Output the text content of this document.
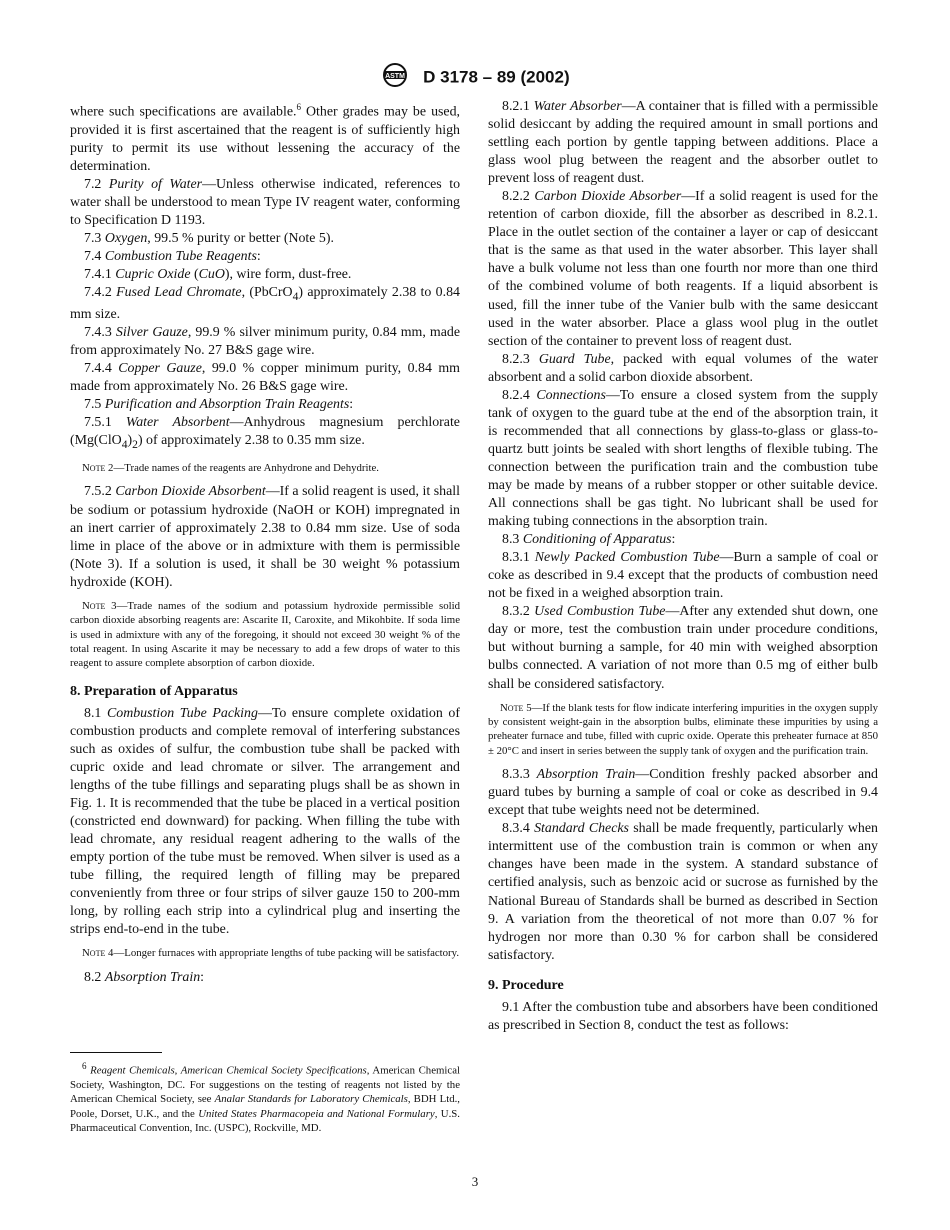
ASTM D 3178 – 89 (2002)

where such specifications are available.$^6$ Other grades may be used, provided it is first ascertained that the reagent is of sufficiently high purity to permit its use without lessening the accuracy of the determination.

7.2 Purity of Water—Unless otherwise indicated, references to water shall be understood to mean Type IV reagent water, conforming to Specification D 1193.

7.3 Oxygen, 99.5 % purity or better (Note 5).

7.4 Combustion Tube Reagents:

7.4.1 Cupric Oxide (CuO), wire form, dust-free.

7.4.2 Fused Lead Chromate, (PbCrO$_4$) approximately 2.38 to 0.84 mm size.

7.4.3 Silver Gauze, 99.9 % silver minimum purity, 0.84 mm, made from approximately No. 27 B&S gage wire.

7.4.4 Copper Gauze, 99.0 % copper minimum purity, 0.84 mm made from approximately No. 26 B&S gage wire.

7.5 Purification and Absorption Train Reagents:

7.5.1 Water Absorbent—Anhydrous magnesium perchlorate $(Mg(ClO_4)_2)$ of approximately 2.38 to 0.35 mm size.

Note 2—Trade names of the reagents are Anhydrone and Dehydrite.

7.5.2 Carbon Dioxide Absorbent—If a solid reagent is used, it shall be sodium or potassium hydroxide (NaOH or KOH) impregnated in an inert carrier of approximately 2.38 to 0.84 mm size. Use of soda lime in place of the above or in admixture with them is permissible (Note 3). If a solution is used, it shall be 30 weight % potassium hydroxide (KOH).

Note 3—Trade names of the sodium and potassium hydroxide permissible solid carbon dioxide absorbing reagents are: Ascarite II, Caroxite, and Mikohbite. If soda lime is used in admixture with any of the foregoing, it should not exceed 30 weight % of the total reagent. In using Ascarite it may be necessary to add a few drops of water to this reagent to assure complete absorption of carbon dioxide.

8. Preparation of Apparatus

8.1 Combustion Tube Packing—To ensure complete oxidation of combustion products and complete removal of interfering substances such as oxides of sulfur, the combustion tube shall be packed with cupric oxide and lead chromate or silver. The arrangement and lengths of the tube fillings and separating plugs shall be as shown in Fig. 1. It is recommended that the tube be placed in a vertical position (constricted end downward) for packing. When filling the tube with lead chromate, any residual reagent adhering to the walls of the empty portion of the tube must be removed. When silver is used as a tube filling, the required length of filling may be prepared conveniently from three or four strips of silver gauze 150 to 200-mm long, by rolling each strip into a cylindrical plug and inserting the strips end-to-end in the tube.

Note 4—Longer furnaces with appropriate lengths of tube packing will be satisfactory.

8.2 Absorption Train:

$^6$ Reagent Chemicals, American Chemical Society Specifications, American Chemical Society, Washington, DC. For suggestions on the testing of reagents not listed by the American Chemical Society, see Analar Standards for Laboratory Chemicals, BDH Ltd., Poole, Dorset, U.K., and the United States Pharmacopeia and National Formulary, U.S. Pharmaceutical Convention, Inc. (USPC), Rockville, MD.

8.2.1 Water Absorber—A container that is filled with a permissible solid desiccant by adding the required amount in small portions and settling each portion by gentle tapping between additions. Place a glass wool plug between the reagent and the absorber outlet to prevent loss of reagent dust.

8.2.2 Carbon Dioxide Absorber—If a solid reagent is used for the retention of carbon dioxide, fill the absorber as described in 8.2.1. Place in the outlet section of the container a layer or cap of desiccant that is the same as that used in the water absorber. This layer shall have a bulk volume not less than one fourth nor more than one third of the combined volume of both reagents. If a liquid absorbent is used, fill the inner tube of the Vanier bulb with the same desiccant used in the water absorber. Place a glass wool plug in the outlet section of the container to prevent loss of reagent dust.

8.2.3 Guard Tube, packed with equal volumes of the water absorbent and a solid carbon dioxide absorbent.

8.2.4 Connections—To ensure a closed system from the supply tank of oxygen to the guard tube at the end of the absorption train, it is recommended that all connections by glass-to-glass or glass-to-quartz butt joints be sealed with short lengths of flexible tubing. The connection between the purification train and the combustion tube may be made by means of a rubber stopper or other suitable device. All connections shall be gas tight. No lubricant shall be used for making tubing connections in the absorption train.

8.3 Conditioning of Apparatus:

8.3.1 Newly Packed Combustion Tube—Burn a sample of coal or coke as described in 9.4 except that the products of combustion need not be fixed in a weighed absorption train.

8.3.2 Used Combustion Tube—After any extended shut down, one day or more, test the combustion train under procedure conditions, but without burning a sample, for 40 min with weighed absorption bulbs connected. A variation of not more than 0.5 mg of either bulb shall be considered satisfactory.

Note 5—If the blank tests for flow indicate interfering impurities in the oxygen supply by consistent weight-gain in the absorption bulbs, eliminate these impurities by using a preheater furnace and tube, filled with cupric oxide. Operate this preheater furnace at 850 ± 20°C and insert in series between the supply tank of oxygen and the purification train.

8.3.3 Absorption Train—Condition freshly packed absorber and guard tubes by burning a sample of coal or coke as described in 9.4 except that tube weights need not be determined.

8.3.4 Standard Checks shall be made frequently, particularly when intermittent use of the combustion train is common or when any changes have been made in the system. A standard substance of certified analysis, such as benzoic acid or sucrose as furnished by the National Bureau of Standards shall be burned as described in Section 9. A variation from the theoretical of not more than 0.07 % for hydrogen nor more than 0.30 % for carbon shall be considered satisfactory.

9. Procedure

9.1 After the combustion tube and absorbers have been conditioned as prescribed in Section 8, conduct the test as follows:

3
